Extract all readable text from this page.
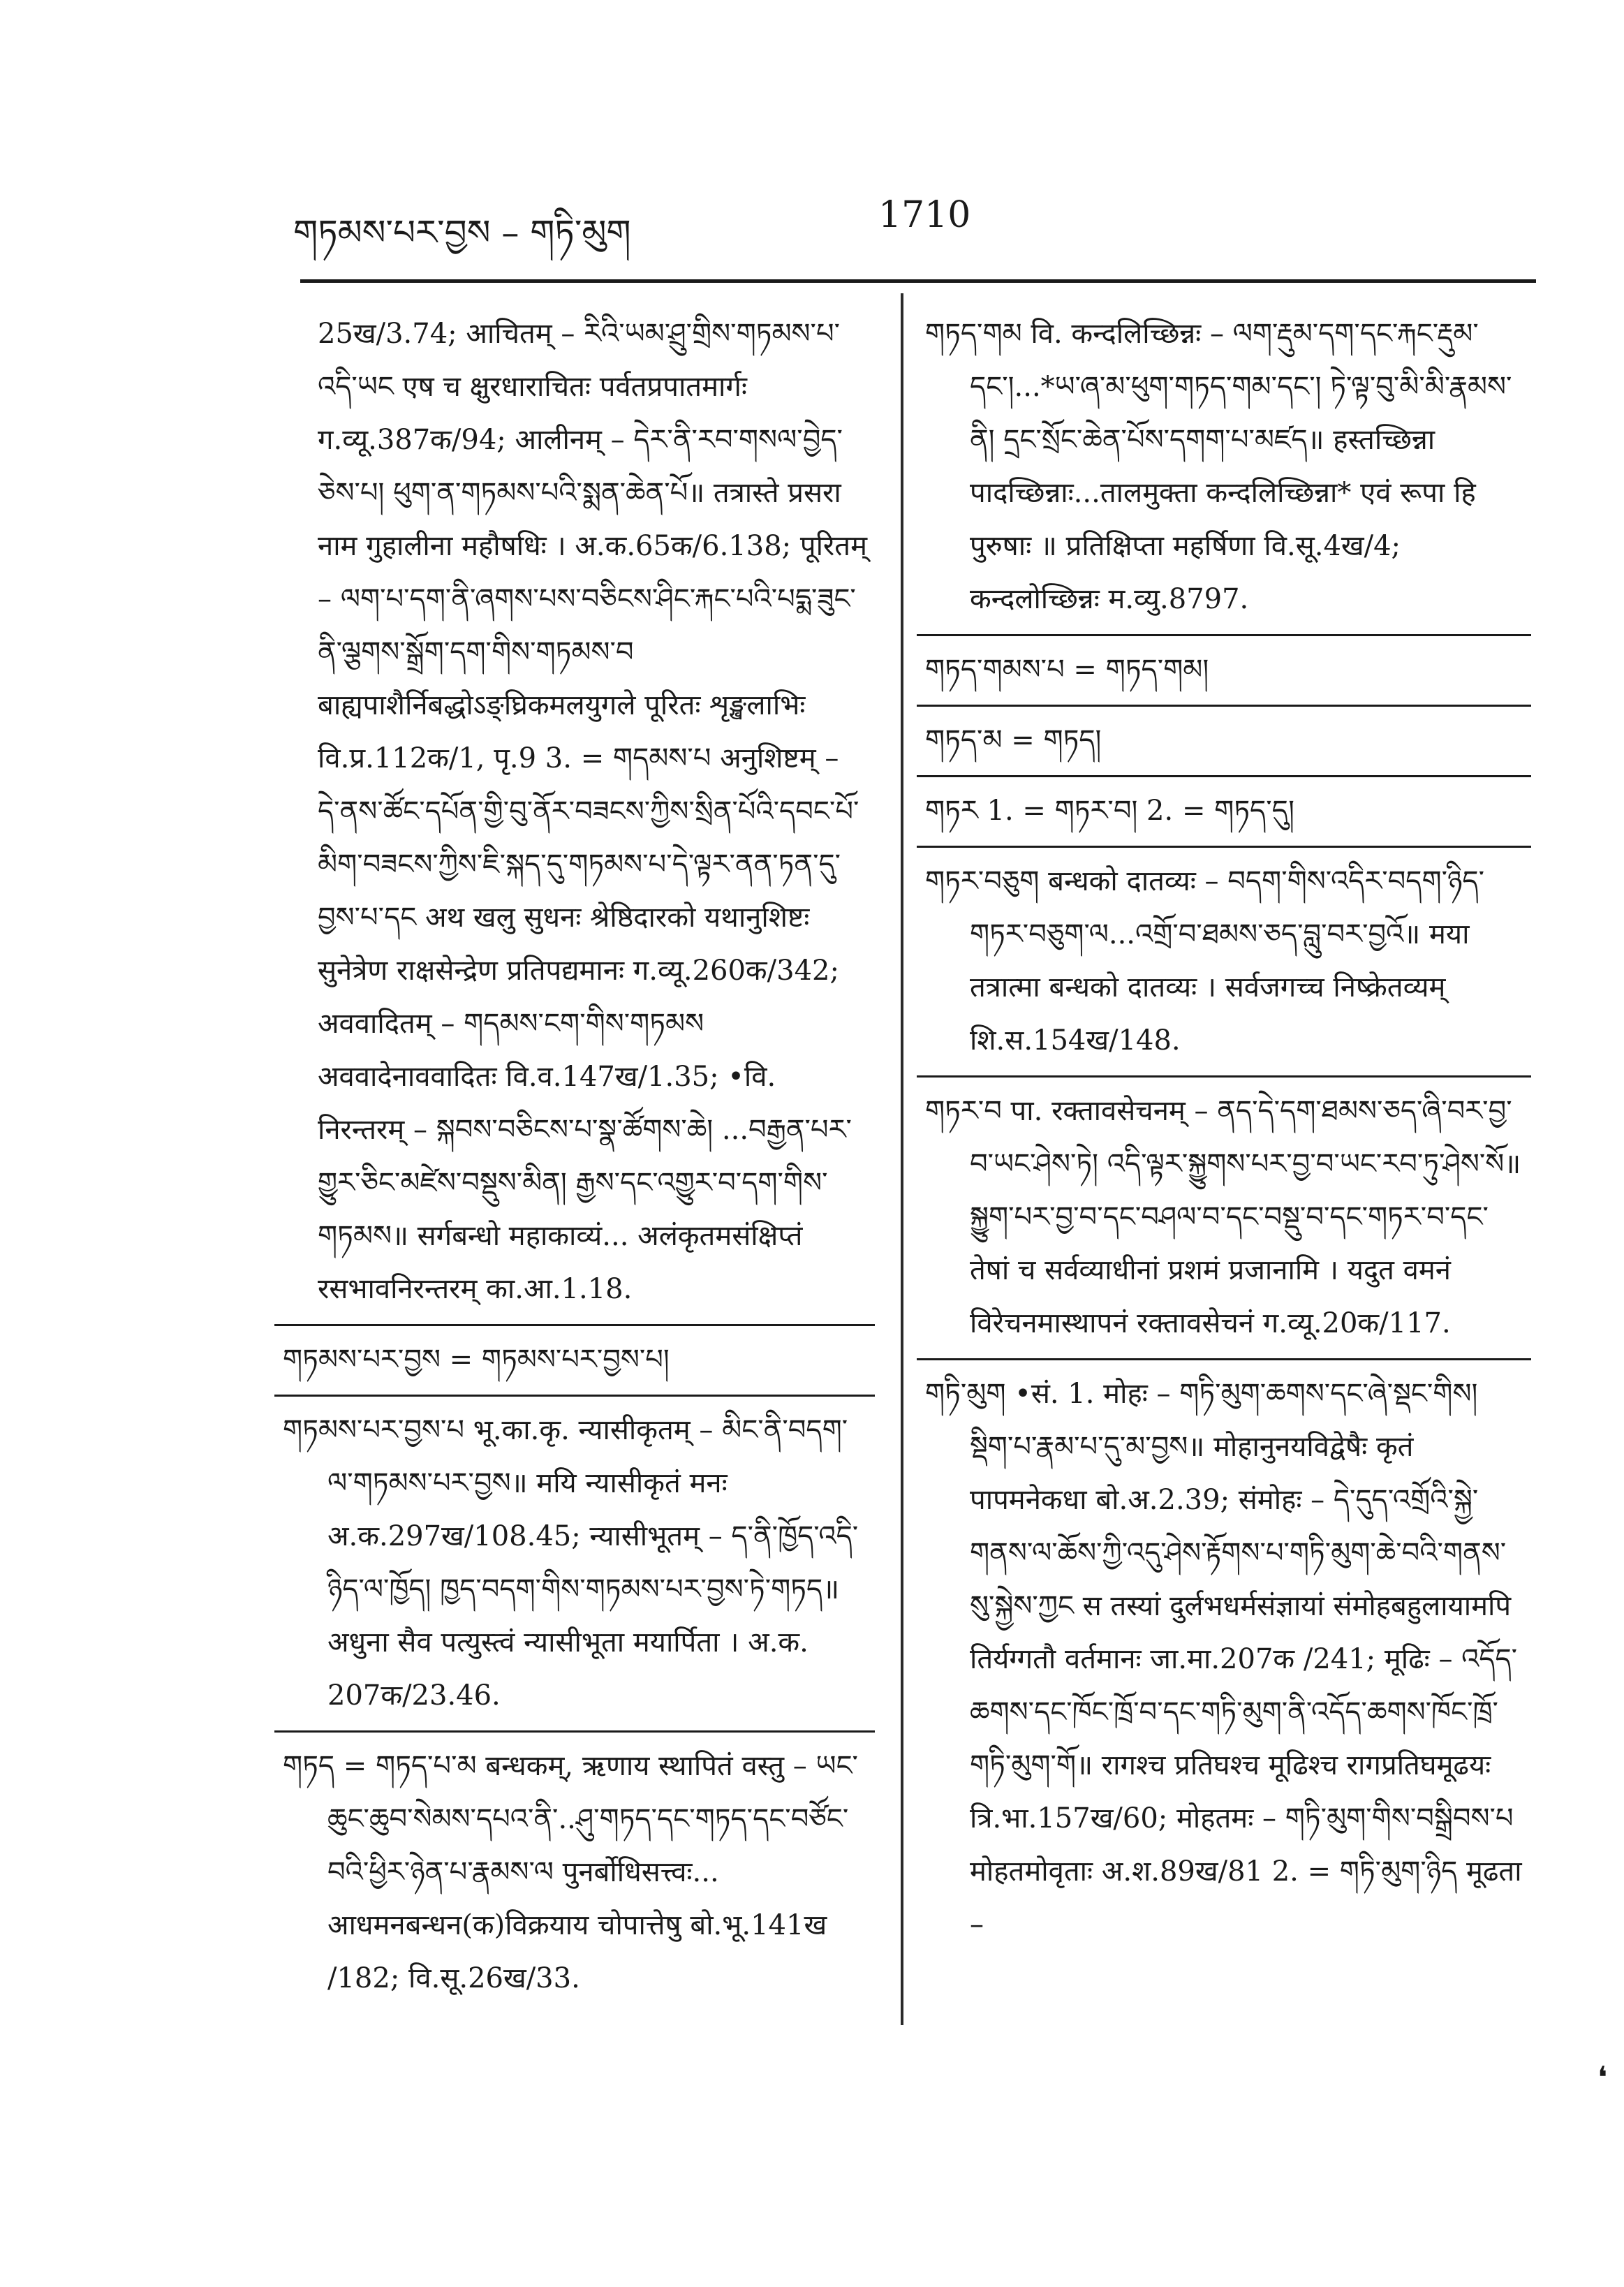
གཏམས་པར་བྱས – གཏི་མུག	1710
25ख/3.74; आचितम् – རིའི་ཡམ་ཤྲུ་གྲིས་གཏམས་པ་འདི་ཡང एष च क्षुरधाराचितः पर्वतप्रपातमार्गः ग.व्यू.387क/94; आलीनम् – དེར་ནི་རབ་གསལ་བྱེད་ཅེས་པ། ཕུག་ན་གཏམས་པའི་སྨན་ཆེན་པོ॥ तत्रास्ते प्रसरा नाम गुहालीना महौषधिः । अ.क.65क/6.138; पूरितम् – ལག་པ་དག་ནི་ཞགས་པས་བཅིངས་ཤིང་རྐང་པའི་པདྨ་ཟུང་ནི་ལྕགས་སྒྲོག་དག་གིས་གཏམས་བ बाह्यपाशैर्निबद्धोऽङ्घ्रिकमलयुगले पूरितः शृङ्खलाभिः वि.प्र.112क/1, पृ.9 3. = གདམས་པ अनुशिष्टम् – དེ་ནས་ཚོང་དཔོན་གྱི་བུ་ནོར་བཟངས་ཀྱིས་སྲིན་པོའི་དབང་པོ་མིག་བཟངས་ཀྱིས་ཇི་སྐད་དུ་གཏམས་པ་དེ་ལྟར་ནན་ཏན་དུ་བྱས་པ་དང अथ खलु सुधनः श्रेष्ठिदारको यथानुशिष्टः सुनेत्रेण राक्षसेन्द्रेण प्रतिपद्यमानः ग.व्यू.260क/342; अववादितम् – གདམས་ངག་གིས་གཏམས अववादेनाववादितः वि.व.147ख/1.35; •वि. निरन्तरम् – སྐབས་བཅིངས་པ་སྣ་ཚོགས་ཆེ། ...བརྒྱན་པར་གྱུར་ཅིང་མཛེས་བསྡུས་མིན། རྒྱས་དང་འགྱུར་བ་དག་གིས་གཏམས॥ सर्गबन्धो महाकाव्यं... अलंकृतमसंक्षिप्तं रसभावनिरन्तरम् का.आ.1.18.
གཏམས་པར་བྱས = གཏམས་པར་བྱས་པ།
གཏམས་པར་བྱས་པ भू.का.कृ. न्यासीकृतम् – མིང་ནི་བདག་ལ་གཏམས་པར་བྱས॥ मयि न्यासीकृतं मनः अ.क.297ख/108.45; न्यासीभूतम् – ད་ནི་ཁྱོད་འདི་ཉིད་ལ་ཁྱོད། ཁྱད་བདག་གིས་གཏམས་པར་བྱས་ཏེ་གཏད॥ अधुना सैव पत्युस्त्वं न्यासीभूता मयार्पिता । अ.क. 207क/23.46.
གཏད = གཏད་པ་མ बन्धकम्, ऋणाय स्थापितं वस्तु – ཡང་ཆུང་ཆུབ་སེམས་དཔའ་ནི་..ཤུ་གཏད་དང་གཏད་དང་བཙོང་བའི་ཕྱིར་ཉེན་པ་རྣམས་ལ पुनर्बोधिसत्त्वः... आधमनबन्धन(क)विक्रयाय चोपात्तेषु बो.भू.141ख /182; वि.सू.26ख/33.
གཏད་གམ वि. कन्दलिच्छिन्नः – ལག་རྡུམ་དག་དང་རྐང་རྡུམ་དང་།...*ཡ་ཞ་མ་ཕུག་གཏད་གམ་དང་། ཏེ་ལྟ་བུ་མི་མི་རྣམས་ནི། དྲང་སྲོང་ཆེན་པོས་དགག་པ་མཛད॥ हस्तच्छिन्ना पादच्छिन्नाः...तालमुक्ता कन्दलिच्छिन्ना* एवं रूपा हि पुरुषाः ॥ प्रतिक्षिप्ता महर्षिणा वि.सू.4ख/4; कन्दलोच्छिन्नः म.व्यु.8797.
གཏད་གམས་པ = གཏད་གམ།
གཏད་མ = གཏད།
གཏར 1. = གཏར་བ། 2. = གཏད་དུ།
གཏར་བཅུག बन्धको दातव्यः – བདག་གིས་འདིར་བདག་ཉིད་གཏར་བཅུག་ལ...འགྲོ་བ་ཐམས་ཅད་བླུ་བར་བྱའོ॥ मया तत्रात्मा बन्धको दातव्यः । सर्वजगच्च निष्क्रेतव्यम् शि.स.154ख/148.
གཏར་བ पा. रक्तावसेचनम् – ནད་དེ་དག་ཐམས་ཅད་ཞི་བར་བྱ་བ་ཡང་ཤེས་ཏེ། འདི་ལྟར་སྐྱུགས་པར་བྱ་བ་ཡང་རབ་ཏུ་ཤེས་སོ॥ སྐྱུག་པར་བྱ་བ་དང་བཤལ་བ་དང་བསྡུ་བ་དང་གཏར་བ་དང་ तेषां च सर्वव्याधीनां प्रशमं प्रजानामि । यदुत वमनं विरेचनमास्थापनं रक्तावसेचनं ग.व्यू.20क/117.
གཏི་མུག •सं. 1. मोहः – གཏི་མུག་ཆགས་དང་ཞེ་སྡང་གིས། སྡིག་པ་རྣམ་པ་དུ་མ་བྱས॥ मोहानुनयविद्वेषैः कृतं पापमनेकधा बो.अ.2.39; संमोहः – དེ་དུད་འགྲོའི་སྐྱེ་གནས་ལ་ཆོས་ཀྱི་འདུ་ཤེས་རྟོགས་པ་གཏི་མུག་ཆེ་བའི་གནས་སུ་སྐྱེས་ཀྱང स तस्यां दुर्लभधर्मसंज्ञायां संमोहबहुलायामपि तिर्यग्गतौ वर्तमानः जा.मा.207क /241; मूढिः – འདོད་ཆགས་དང་ཁོང་ཁྲོ་བ་དང་གཏི་མུག་ནི་འདོད་ཆགས་ཁོང་ཁྲོ་གཏི་མུག་གོ॥ रागश्च प्रतिघश्च मूढिश्च रागप्रतिघमूढयः त्रि.भा.157ख/60; मोहतमः – གཏི་མུག་གིས་བསྒྲིབས་པ मोहतमोवृताः अ.श.89ख/81 2. = གཏི་མུག་ཉིད मूढता –
❛
